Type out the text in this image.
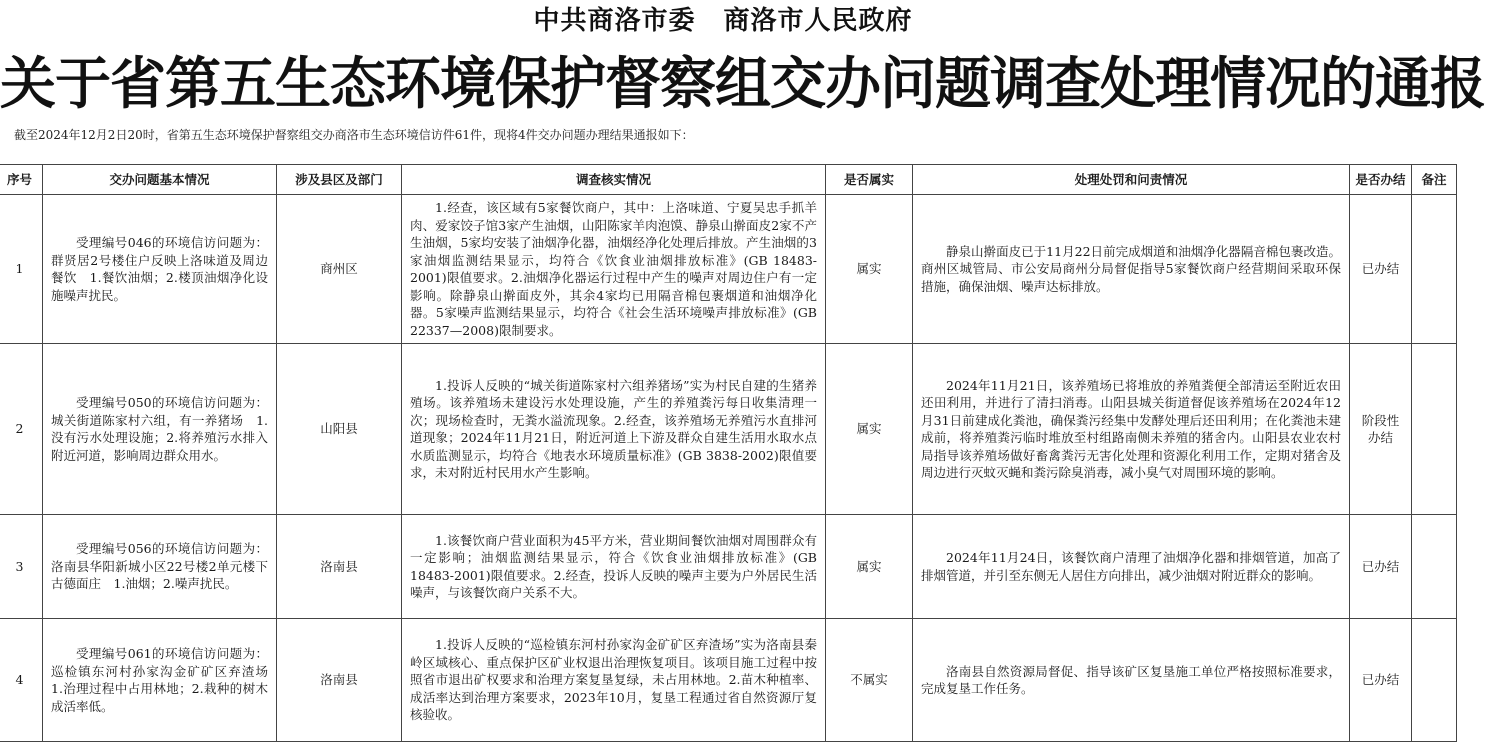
中共商洛市委 商洛市人民政府
关于省第五生态环境保护督察组交办问题调查处理情况的通报
截至2024年12月2日20时，省第五生态环境保护督察组交办商洛市生态环境信访件61件，现将4件交办问题办理结果通报如下：
序号	交办问题基本情况	涉及县区及部门	调查核实情况	是否属实	处理处罚和问责情况	是否办结	备注
1	受理编号046的环境信访问题为：群贤居2号楼住户反映上洛味道及周边餐饮　1.餐饮油烟；2.楼顶油烟净化设施噪声扰民。	商州区	1.经查，该区域有5家餐饮商户，其中：上洛味道、宁夏吴忠手抓羊肉、爱家饺子馆3家产生油烟，山阳陈家羊肉泡馍、静泉山擀面皮2家不产生油烟，5家均安装了油烟净化器，油烟经净化处理后排放。产生油烟的3家油烟监测结果显示，均符合《饮食业油烟排放标准》(GB 18483-2001)限值要求。2.油烟净化器运行过程中产生的噪声对周边住户有一定影响。除静泉山擀面皮外，其余4家均已用隔音棉包裹烟道和油烟净化器。5家噪声监测结果显示，均符合《社会生活环境噪声排放标准》(GB 22337—2008)限制要求。	属实	静泉山擀面皮已于11月22日前完成烟道和油烟净化器隔音棉包裹改造。商州区城管局、市公安局商州分局督促指导5家餐饮商户经营期间采取环保措施，确保油烟、噪声达标排放。	已办结	
2	受理编号050的环境信访问题为：城关街道陈家村六组，有一养猪场　1.没有污水处理设施；2.将养殖污水排入附近河道，影响周边群众用水。	山阳县	1.投诉人反映的“城关街道陈家村六组养猪场”实为村民自建的生猪养殖场。该养殖场未建设污水处理设施，产生的养殖粪污每日收集清理一次；现场检查时，无粪水溢流现象。2.经查，该养殖场无养殖污水直排河道现象；2024年11月21日，附近河道上下游及群众自建生活用水取水点水质监测显示，均符合《地表水环境质量标准》(GB 3838-2002)限值要求，未对附近村民用水产生影响。	属实	2024年11月21日，该养殖场已将堆放的养殖粪便全部清运至附近农田还田利用，并进行了清扫消毒。山阳县城关街道督促该养殖场在2024年12月31日前建成化粪池，确保粪污经集中发酵处理后还田利用；在化粪池未建成前，将养殖粪污临时堆放至村组路南侧未养殖的猪舍内。山阳县农业农村局指导该养殖场做好畜禽粪污无害化处理和资源化利用工作，定期对猪舍及周边进行灭蚊灭蝇和粪污除臭消毒，减小臭气对周围环境的影响。	阶段性办结	
3	受理编号056的环境信访问题为：洛南县华阳新城小区22号楼2单元楼下古德面庄　1.油烟；2.噪声扰民。	洛南县	1.该餐饮商户营业面积为45平方米，营业期间餐饮油烟对周围群众有一定影响；油烟监测结果显示，符合《饮食业油烟排放标准》(GB 18483-2001)限值要求。2.经查，投诉人反映的噪声主要为户外居民生活噪声，与该餐饮商户关系不大。	属实	2024年11月24日，该餐饮商户清理了油烟净化器和排烟管道，加高了排烟管道，并引至东侧无人居住方向排出，减少油烟对附近群众的影响。	已办结	
4	受理编号061的环境信访问题为：巡检镇东河村孙家沟金矿矿区弃渣场　1.治理过程中占用林地；2.栽种的树木成活率低。	洛南县	1.投诉人反映的“巡检镇东河村孙家沟金矿矿区弃渣场”实为洛南县秦岭区域核心、重点保护区矿业权退出治理恢复项目。该项目施工过程中按照省市退出矿权要求和治理方案复垦复绿，未占用林地。2.苗木种植率、成活率达到治理方案要求，2023年10月，复垦工程通过省自然资源厅复核验收。	不属实	洛南县自然资源局督促、指导该矿区复垦施工单位严格按照标准要求，完成复垦工作任务。	已办结	
